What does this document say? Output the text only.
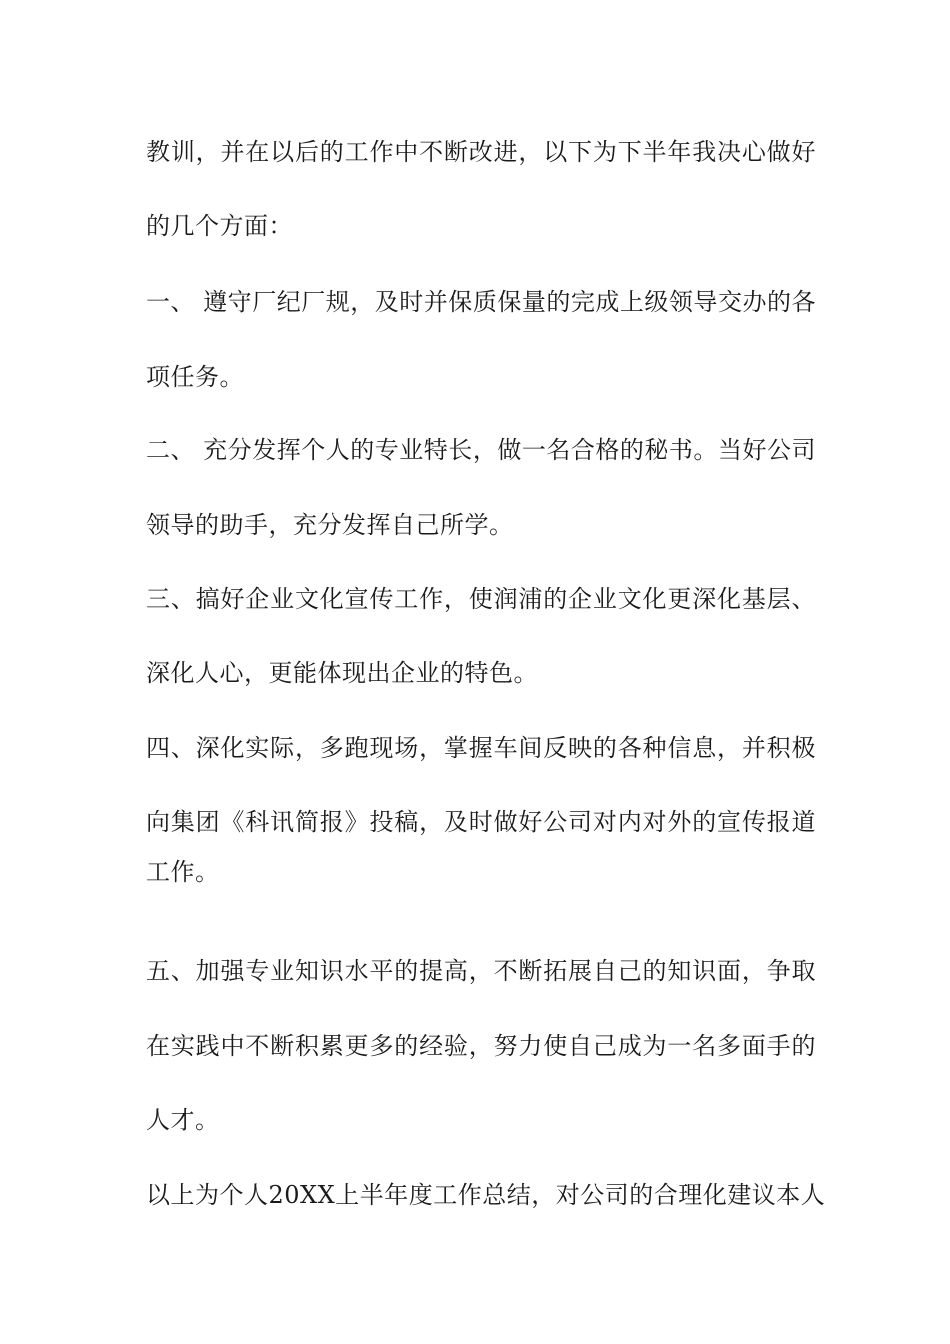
教训，并在以后的工作中不断改进，以下为下半年我决心做好
的几个方面：
一、 遵守厂纪厂规，及时并保质保量的完成上级领导交办的各
项任务。
二、 充分发挥个人的专业特长，做一名合格的秘书。当好公司
领导的助手，充分发挥自己所学。
三、搞好企业文化宣传工作，使润浦的企业文化更深化基层、
深化人心，更能体现出企业的特色。
四、深化实际，多跑现场，掌握车间反映的各种信息，并积极
向集团《科讯简报》投稿，及时做好公司对内对外的宣传报道
工作。
五、加强专业知识水平的提高，不断拓展自己的知识面，争取
在实践中不断积累更多的经验，努力使自己成为一名多面手的
人才。
以上为个人20XX上半年度工作总结，对公司的合理化建议本人
